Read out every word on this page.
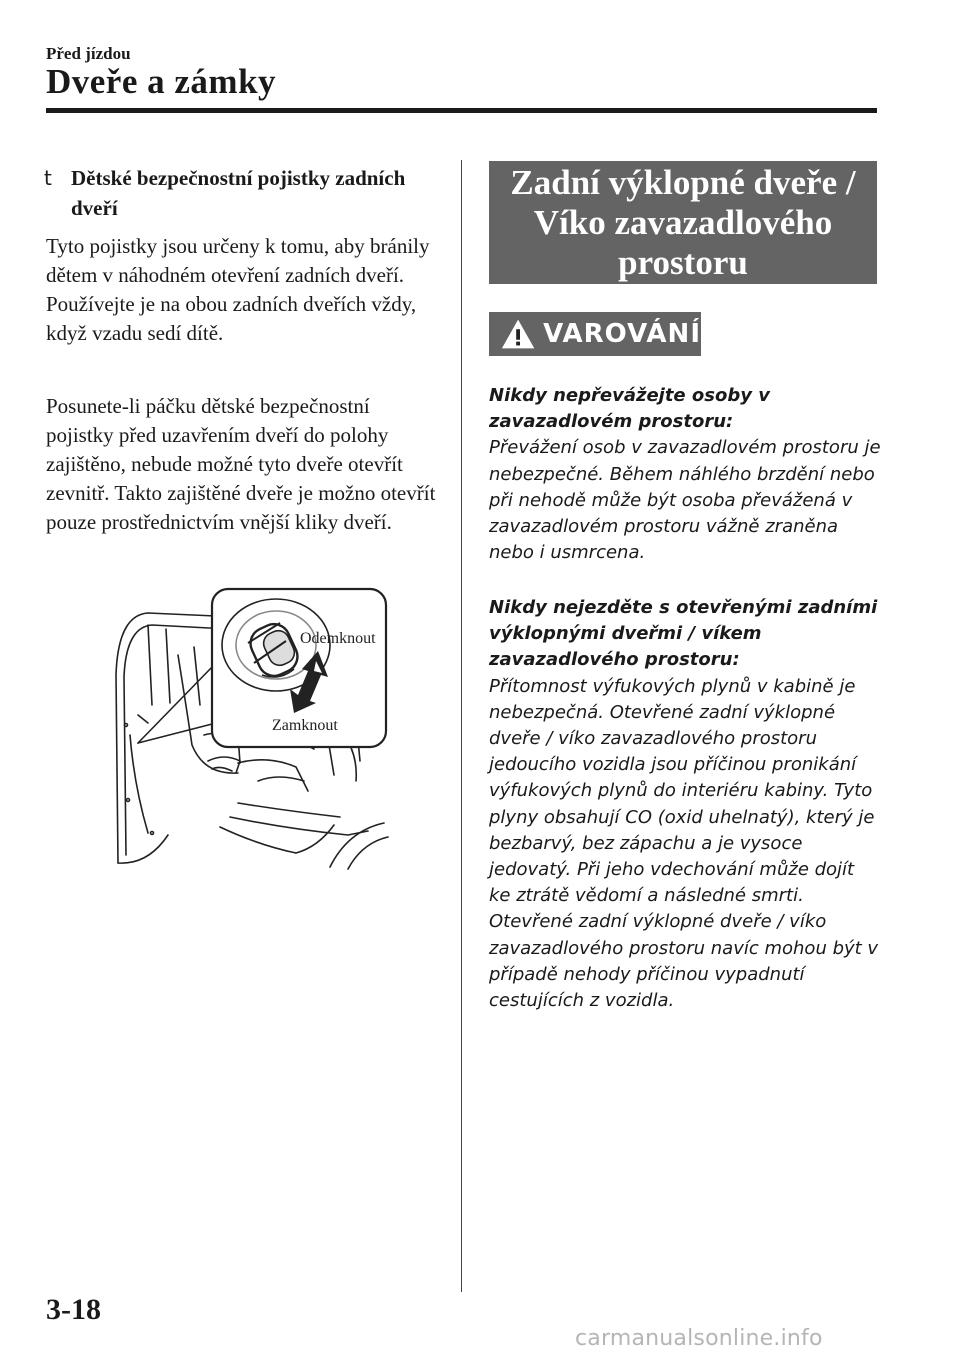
Před jízdou
Dveře a zámky
t Dětské bezpečnostní pojistky zadních dveří

Tyto pojistky jsou určeny k tomu, aby bránily dětem v náhodném otevření zadních dveří. Používejte je na obou zadních dveřích vždy, když vzadu sedí dítě.

Posunete-li páčku dětské bezpečnostní pojistky před uzavřením dveří do polohy zajištěno, nebude možné tyto dveře otevřít zevnitř. Takto zajištěné dveře je možno otevřít pouze prostřednictvím vnější kliky dveří.

Odemknout
Zamknout
Zadní výklopné dveře / Víko zavazadlového prostoru
VAROVÁNÍ
Nikdy nepřevážejte osoby v zavazadlovém prostoru:
Převážení osob v zavazadlovém prostoru je nebezpečné. Během náhlého brzdění nebo při nehodě může být osoba převážená v zavazadlovém prostoru vážně zraněna nebo i usmrcena.
Nikdy nejezděte s otevřenými zadními výklopnými dveřmi / víkem zavazadlového prostoru:
Přítomnost výfukových plynů v kabině je nebezpečná. Otevřené zadní výklopné dveře / víko zavazadlového prostoru jedoucího vozidla jsou příčinou pronikání výfukových plynů do interiéru kabiny. Tyto plyny obsahují CO (oxid uhelnatý), který je bezbarvý, bez zápachu a je vysoce jedovatý. Při jeho vdechování může dojít ke ztrátě vědomí a následné smrti. Otevřené zadní výklopné dveře / víko zavazadlového prostoru navíc mohou být v případě nehody příčinou vypadnutí cestujících z vozidla.
3-18
carmanualsonline.info
